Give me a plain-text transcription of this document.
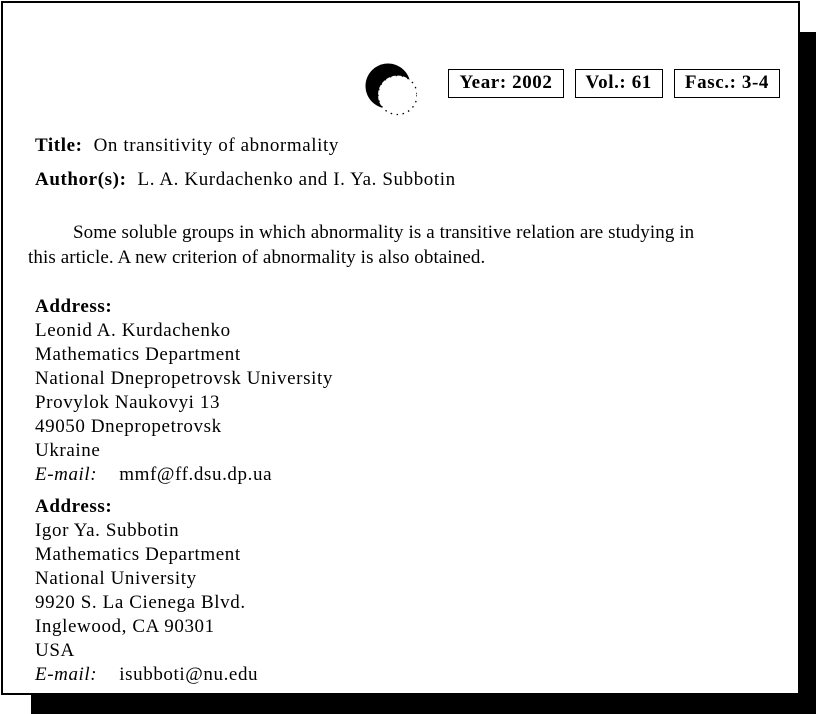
Year: 2002	Vol.: 61	Fasc.: 3-4
Title: On transitivity of abnormality
Author(s): L. A. Kurdachenko and I. Ya. Subbotin
Some soluble groups in which abnormality is a transitive relation are studying in
this article. A new criterion of abnormality is also obtained.
Address:
Leonid A. Kurdachenko
Mathematics Department
National Dnepropetrovsk University
Provylok Naukovyi 13
49050 Dnepropetrovsk
Ukraine
E-mail: mmf@ff.dsu.dp.ua
Address:
Igor Ya. Subbotin
Mathematics Department
National University
9920 S. La Cienega Blvd.
Inglewood, CA 90301
USA
E-mail: isubboti@nu.edu
